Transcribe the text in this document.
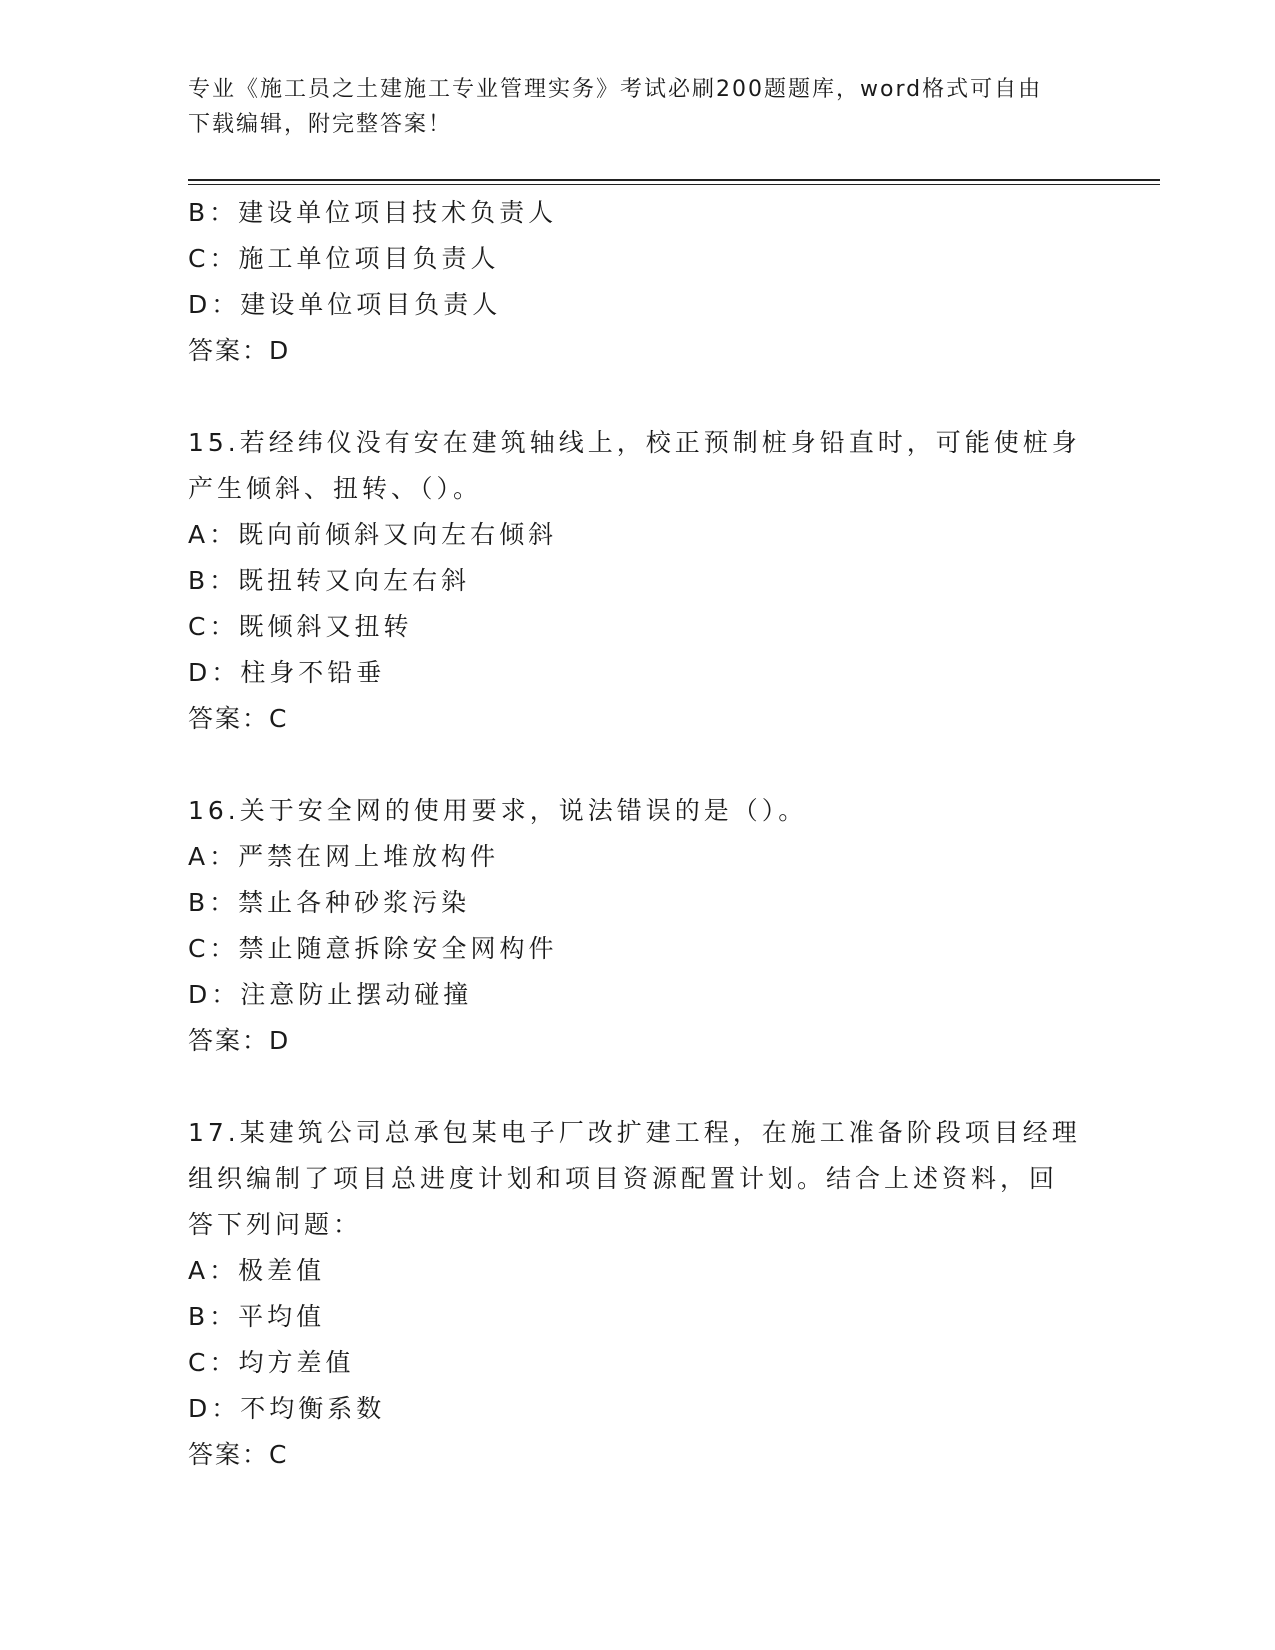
专业《施工员之土建施工专业管理实务》考试必刷200题题库，word格式可自由
下载编辑，附完整答案！
B：建设单位项目技术负责人
C：施工单位项目负责人
D：建设单位项目负责人
答案：D
15.若经纬仪没有安在建筑轴线上，校正预制桩身铅直时，可能使桩身
产生倾斜、扭转、（）。
A：既向前倾斜又向左右倾斜
B：既扭转又向左右斜
C：既倾斜又扭转
D：柱身不铅垂
答案：C
16.关于安全网的使用要求，说法错误的是（）。
A：严禁在网上堆放构件
B：禁止各种砂浆污染
C：禁止随意拆除安全网构件
D：注意防止摆动碰撞
答案：D
17.某建筑公司总承包某电子厂改扩建工程，在施工准备阶段项目经理
组织编制了项目总进度计划和项目资源配置计划。结合上述资料，回
答下列问题：
A：极差值
B：平均值
C：均方差值
D：不均衡系数
答案：C
